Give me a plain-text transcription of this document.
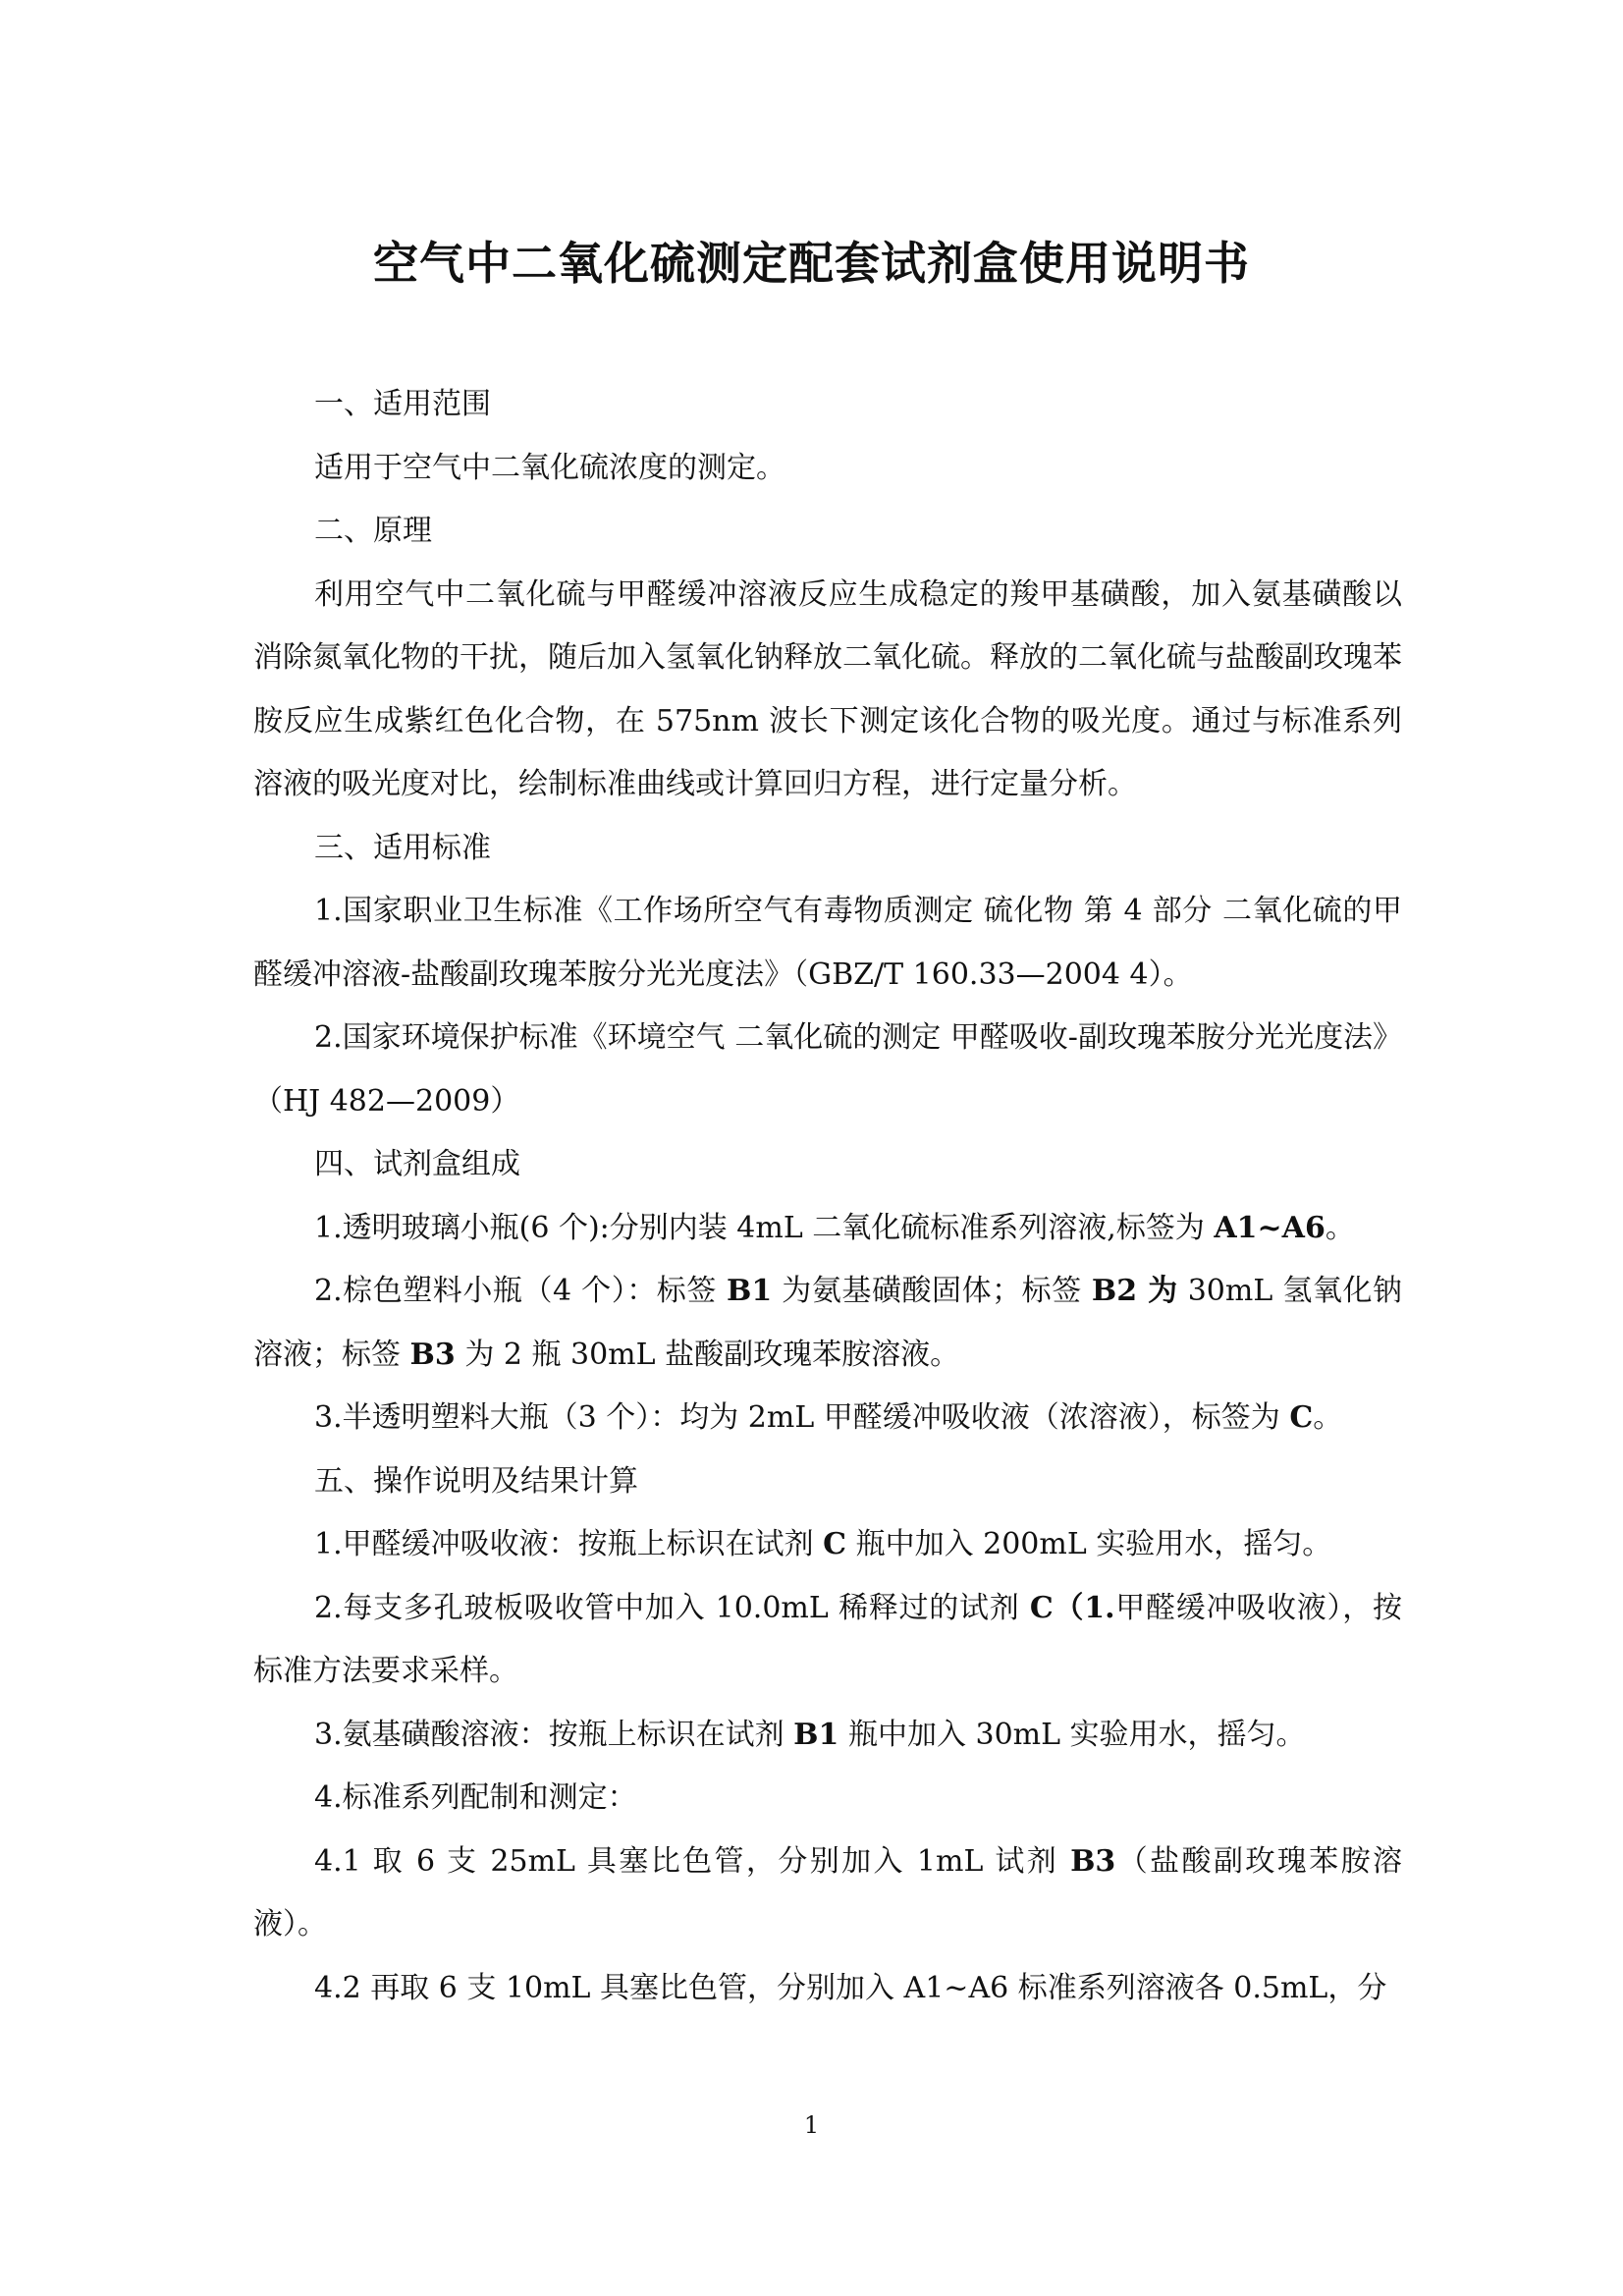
空气中二氧化硫测定配套试剂盒使用说明书

一、适用范围

适用于空气中二氧化硫浓度的测定。

二、原理

利用空气中二氧化硫与甲醛缓冲溶液反应生成稳定的羧甲基磺酸，加入氨基磺酸以消除氮氧化物的干扰，随后加入氢氧化钠释放二氧化硫。释放的二氧化硫与盐酸副玫瑰苯胺反应生成紫红色化合物，在 575nm 波长下测定该化合物的吸光度。通过与标准系列溶液的吸光度对比，绘制标准曲线或计算回归方程，进行定量分析。

三、适用标准

1.国家职业卫生标准《工作场所空气有毒物质测定 硫化物 第 4 部分 二氧化硫的甲醛缓冲溶液-盐酸副玫瑰苯胺分光光度法》（GBZ/T 160.33—2004 4）。

2.国家环境保护标准《环境空气 二氧化硫的测定 甲醛吸收-副玫瑰苯胺分光光度法》（HJ 482—2009）

四、试剂盒组成

1.透明玻璃小瓶(6 个):分别内装 4mL 二氧化硫标准系列溶液,标签为 A1~A6。

2.棕色塑料小瓶（4 个）：标签 B1 为氨基磺酸固体；标签 B2 为 30mL 氢氧化钠溶液；标签 B3 为 2 瓶 30mL 盐酸副玫瑰苯胺溶液。

3.半透明塑料大瓶（3 个）：均为 2mL 甲醛缓冲吸收液（浓溶液），标签为 C。

五、操作说明及结果计算

1.甲醛缓冲吸收液：按瓶上标识在试剂 C 瓶中加入 200mL 实验用水，摇匀。

2.每支多孔玻板吸收管中加入 10.0mL 稀释过的试剂 C（1.甲醛缓冲吸收液），按标准方法要求采样。

3.氨基磺酸溶液：按瓶上标识在试剂 B1 瓶中加入 30mL 实验用水，摇匀。

4.标准系列配制和测定：

4.1 取 6 支 25mL 具塞比色管，分别加入 1mL 试剂 B3（盐酸副玫瑰苯胺溶液）。

4.2 再取 6 支 10mL 具塞比色管，分别加入 A1~A6 标准系列溶液各 0.5mL，分

1
